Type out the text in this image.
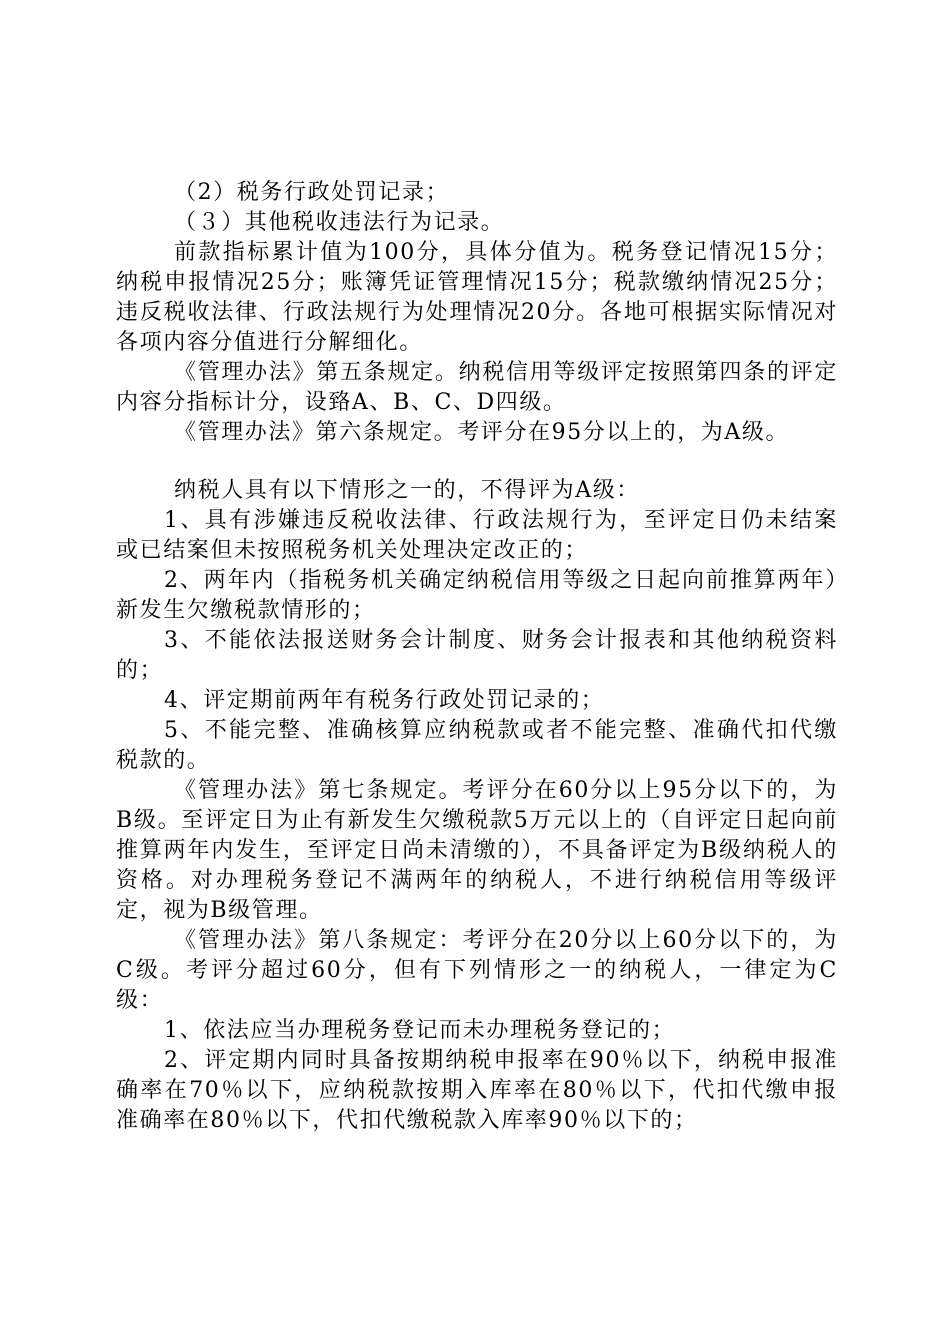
（2）税务行政处罚记录；

（３）其他税收违法行为记录。

前款指标累计值为100分，具体分值为。税务登记情况15分；纳税申报情况25分；账簿凭证管理情况15分；税款缴纳情况25分；违反税收法律、行政法规行为处理情况20分。各地可根据实际情况对各项内容分值进行分解细化。

《管理办法》第五条规定。纳税信用等级评定按照第四条的评定内容分指标计分，设臵A、B、C、D四级。

《管理办法》第六条规定。考评分在95分以上的，为A级。

纳税人具有以下情形之一的，不得评为A级：

1、具有涉嫌违反税收法律、行政法规行为，至评定日仍未结案或已结案但未按照税务机关处理决定改正的；

2、两年内（指税务机关确定纳税信用等级之日起向前推算两年）新发生欠缴税款情形的；

3、不能依法报送财务会计制度、财务会计报表和其他纳税资料的；

4、评定期前两年有税务行政处罚记录的；

5、不能完整、准确核算应纳税款或者不能完整、准确代扣代缴税款的。

《管理办法》第七条规定。考评分在60分以上95分以下的，为B级。至评定日为止有新发生欠缴税款5万元以上的（自评定日起向前推算两年内发生，至评定日尚未清缴的），不具备评定为B级纳税人的资格。对办理税务登记不满两年的纳税人，不进行纳税信用等级评定，视为B级管理。

《管理办法》第八条规定：考评分在20分以上60分以下的，为C级。考评分超过60分，但有下列情形之一的纳税人，一律定为C级：

1、依法应当办理税务登记而未办理税务登记的；

2、评定期内同时具备按期纳税申报率在90％以下，纳税申报准确率在70％以下，应纳税款按期入库率在80％以下，代扣代缴申报准确率在80％以下，代扣代缴税款入库率90％以下的；
